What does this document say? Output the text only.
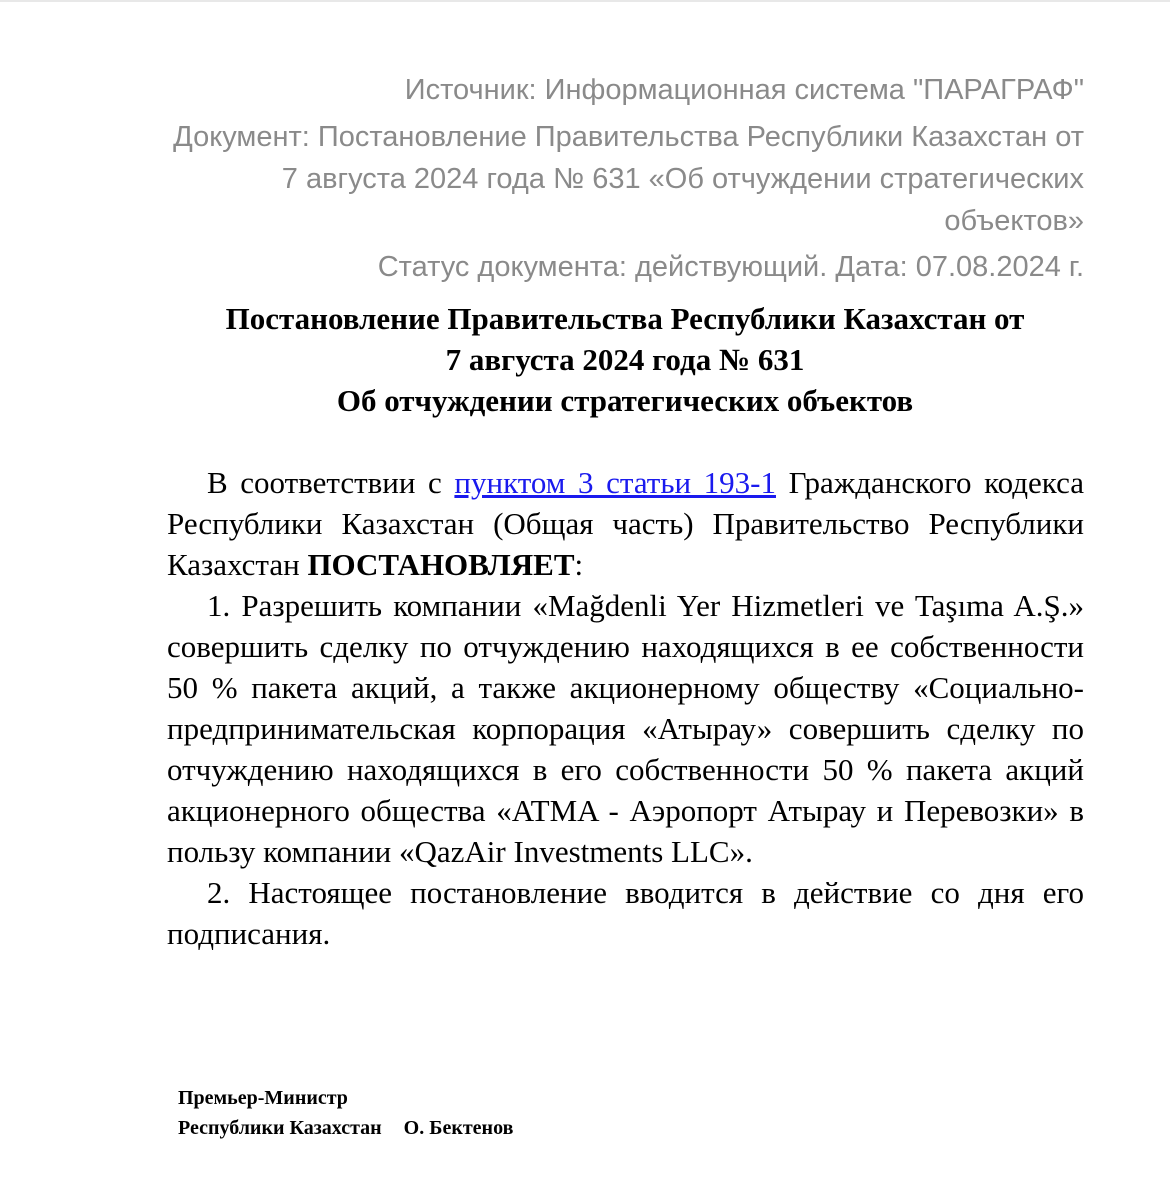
Источник: Информационная система "ПАРАГРАФ"
Документ: Постановление Правительства Республики Казахстан от 7 августа 2024 года № 631 «Об отчуждении стратегических объектов»
Статус документа: действующий. Дата: 07.08.2024 г.
Постановление Правительства Республики Казахстан от
7 августа 2024 года № 631
Об отчуждении стратегических объектов

В соответствии с пунктом 3 статьи 193-1 Гражданского кодекса Республики Казахстан (Общая часть) Правительство Республики Казахстан ПОСТАНОВЛЯЕТ:

1. Разрешить компании «Mağdenli Yer Hizmetleri ve Taşıma A.Ş.» совершить сделку по отчуждению находящихся в ее собственности 50 % пакета акций, а также акционерному обществу «Социально-предпринимательская корпорация «Атырау» совершить сделку по отчуждению находящихся в его собственности 50 % пакета акций акционерного общества «ATMA - Аэропорт Атырау и Перевозки» в пользу компании «QazAir Investments LLC».

2. Настоящее постановление вводится в действие со дня его подписания.

Премьер-Министр
Республики Казахстан О. Бектенов
